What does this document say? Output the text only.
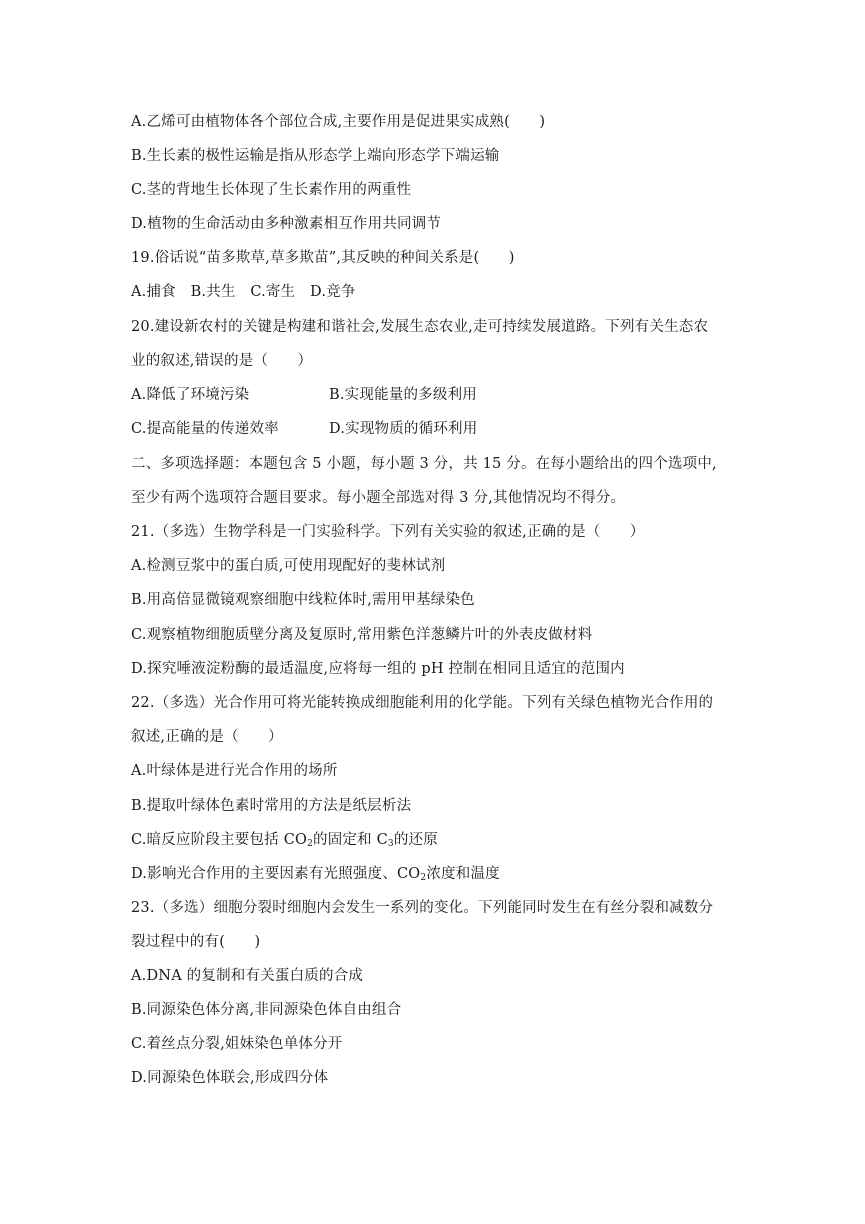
A.乙烯可由植物体各个部位合成,主要作用是促进果实成熟(　　)
B.生长素的极性运输是指从形态学上端向形态学下端运输
C.茎的背地生长体现了生长素作用的两重性
D.植物的生命活动由多种激素相互作用共同调节
19.俗话说“苗多欺草,草多欺苗”,其反映的种间关系是(　　)
A.捕食　B.共生　C.寄生　D.竞争
20.建设新农村的关键是构建和谐社会,发展生态农业,走可持续发展道路。下列有关生态农
业的叙述,错误的是（　　）
A.降低了环境污染	B.实现能量的多级利用
C.提高能量的传递效率	D.实现物质的循环利用
二、多项选择题：本题包含 5 小题，每小题 3 分，共 15 分。在每小题给出的四个选项中,
至少有两个选项符合题目要求。每小题全部选对得 3 分,其他情况均不得分。
21.（多选）生物学科是一门实验科学。下列有关实验的叙述,正确的是（　　）
A.检测豆浆中的蛋白质,可使用现配好的斐林试剂
B.用高倍显微镜观察细胞中线粒体时,需用甲基绿染色
C.观察植物细胞质壁分离及复原时,常用紫色洋葱鳞片叶的外表皮做材料
D.探究唾液淀粉酶的最适温度,应将每一组的 pH 控制在相同且适宜的范围内
22.（多选）光合作用可将光能转换成细胞能利用的化学能。下列有关绿色植物光合作用的
叙述,正确的是（　　）
A.叶绿体是进行光合作用的场所
B.提取叶绿体色素时常用的方法是纸层析法
C.暗反应阶段主要包括 $CO_2$的固定和 $C_3$的还原
D.影响光合作用的主要因素有光照强度、$CO_2$浓度和温度
23.（多选）细胞分裂时细胞内会发生一系列的变化。下列能同时发生在有丝分裂和减数分
裂过程中的有(　　)
A.DNA 的复制和有关蛋白质的合成
B.同源染色体分离,非同源染色体自由组合
C.着丝点分裂,姐妹染色单体分开
D.同源染色体联会,形成四分体
